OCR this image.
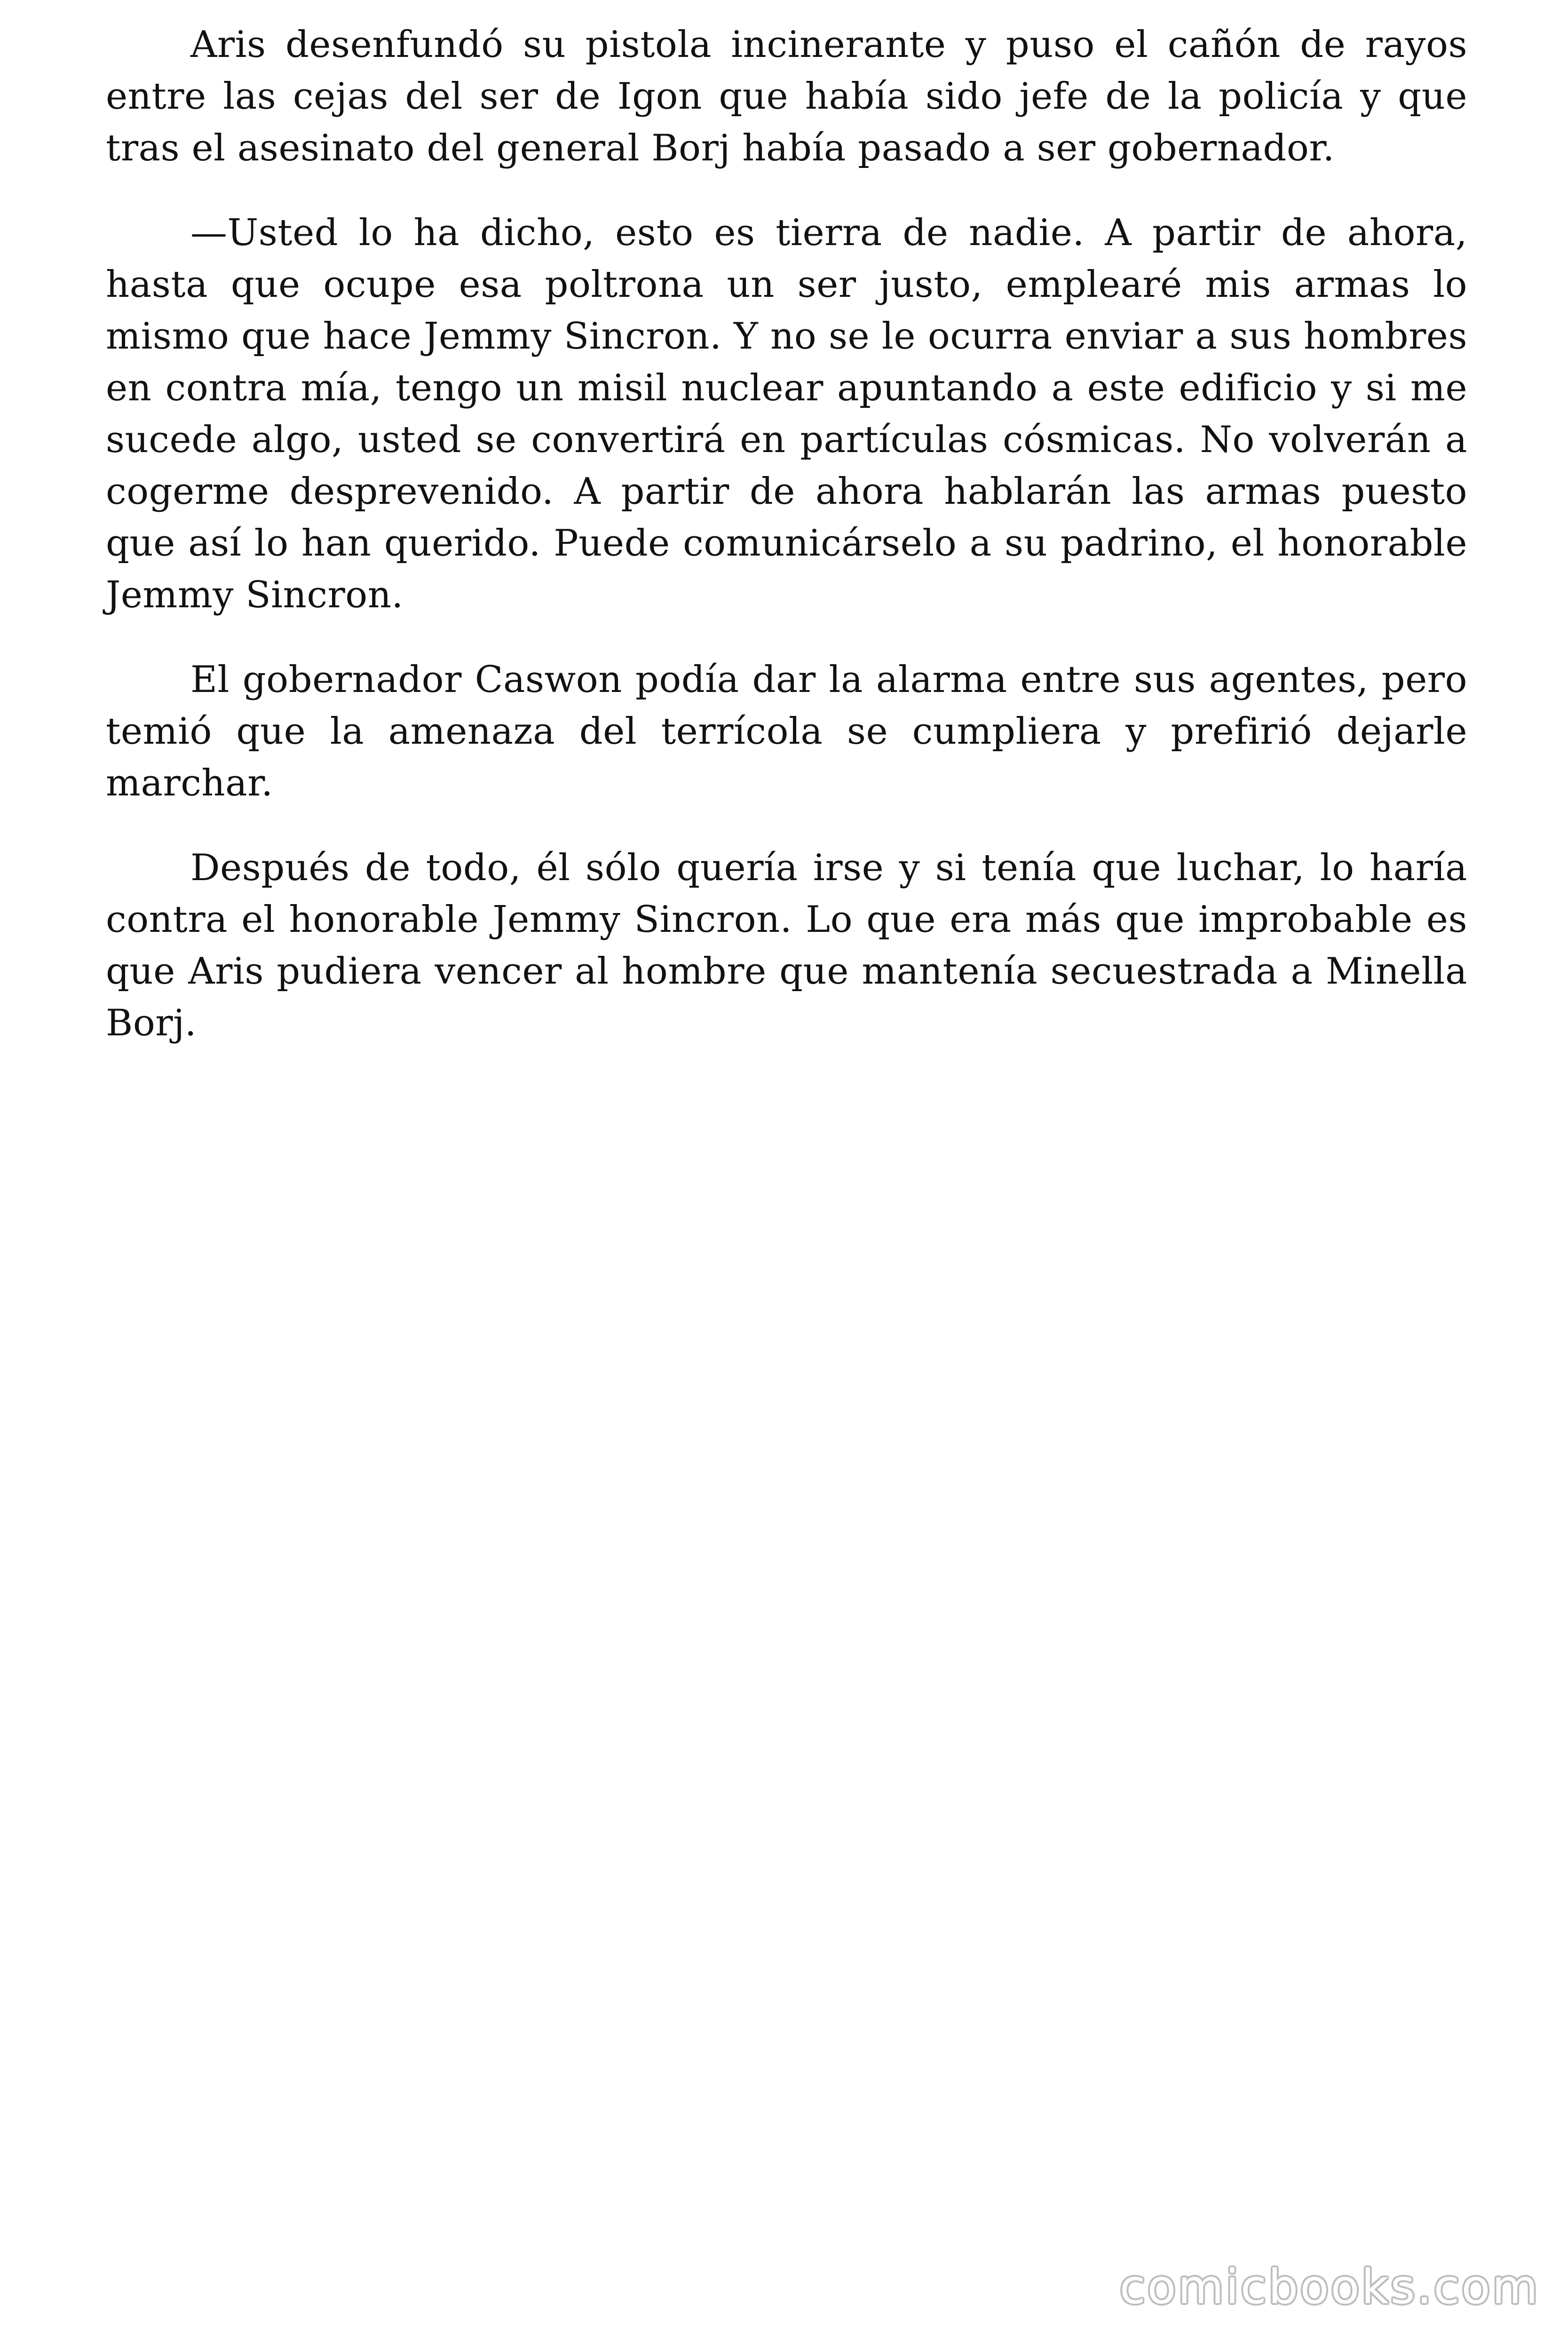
Aris desenfundó su pistola incinerante y puso el cañón de rayos entre las cejas del ser de Igon que había sido jefe de la policía y que tras el asesinato del general Borj había pasado a ser gobernador.

—Usted lo ha dicho, esto es tierra de nadie. A partir de ahora, hasta que ocupe esa poltrona un ser justo, emplearé mis armas lo mismo que hace Jemmy Sincron. Y no se le ocurra enviar a sus hombres en contra mía, tengo un misil nuclear apuntando a este edificio y si me sucede algo, usted se convertirá en partículas cósmicas. No volverán a cogerme desprevenido. A partir de ahora hablarán las armas puesto que así lo han querido. Puede comunicárselo a su padrino, el honorable Jemmy Sincron.

El gobernador Caswon podía dar la alarma entre sus agentes, pero temió que la amenaza del terrícola se cumpliera y prefirió dejarle marchar.

Después de todo, él sólo quería irse y si tenía que luchar, lo haría contra el honorable Jemmy Sincron. Lo que era más que improbable es que Aris pudiera vencer al hombre que mantenía secuestrada a Minella Borj.

comicbooks.com
